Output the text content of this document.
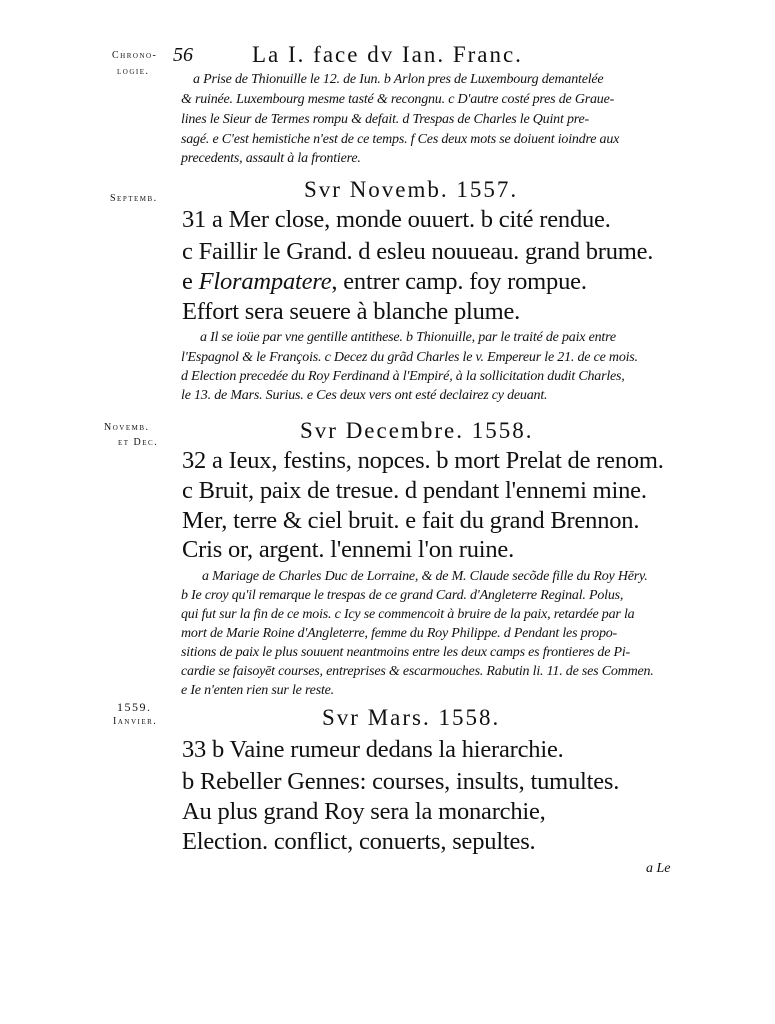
Chrono-
logie.
56	La I. face dv Ian. Franc.
a Prise de Thionuille le 12. de Iun. b Arlon pres de Luxembourg demantelée
& ruinée. Luxembourg mesme tasté & recongnu. c D'autre costé pres de Graue-
lines le Sieur de Termes rompu & defait. d Trespas de Charles le Quint pre-
sagé. e C'est hemistiche n'est de ce temps. f Ces deux mots se doiuent ioindre aux
precedents, assault à la frontiere.
Septemb.	Svr Novemb. 1557.
31 a Mer close, monde ouuert. b cité rendue.
c Faillir le Grand. d esleu nouueau. grand brume.
e Florampatere, entrer camp. foy rompue.
Effort sera seuere à blanche plume.
a Il se ioüe par vne gentille antithese. b Thionuille, par le traité de paix entre
l'Espagnol & le François. c Decez du grãd Charles le v. Empereur le 21. de ce mois.
d Election precedée du Roy Ferdinand à l'Empiré, à la sollicitation dudit Charles,
le 13. de Mars. Surius. e Ces deux vers ont esté declairez cy deuant.
Novemb.
et Dec.	Svr Decembre. 1558.
32 a Ieux, festins, nopces. b mort Prelat de renom.
c Bruit, paix de tresue. d pendant l'ennemi mine.
Mer, terre & ciel bruit. e fait du grand Brennon.
Cris or, argent. l'ennemi l'on ruine.
a Mariage de Charles Duc de Lorraine, & de M. Claude secõde fille du Roy Hēry.
b Ie croy qu'il remarque le trespas de ce grand Card. d'Angleterre Reginal. Polus,
qui fut sur la fin de ce mois. c Icy se commencoit à bruire de la paix, retardée par la
mort de Marie Roine d'Angleterre, femme du Roy Philippe. d Pendant les propo-
sitions de paix le plus souuent neantmoins entre les deux camps es frontieres de Pi-
cardie se faisoyēt courses, entreprises & escarmouches. Rabutin li. 11. de ses Commen.
e Ie n'enten rien sur le reste.
1559.
Ianvier.	Svr Mars. 1558.
33 b Vaine rumeur dedans la hierarchie.
b Rebeller Gennes: courses, insults, tumultes.
Au plus grand Roy sera la monarchie,
Election. conflict, conuerts, sepultes.
a Le
